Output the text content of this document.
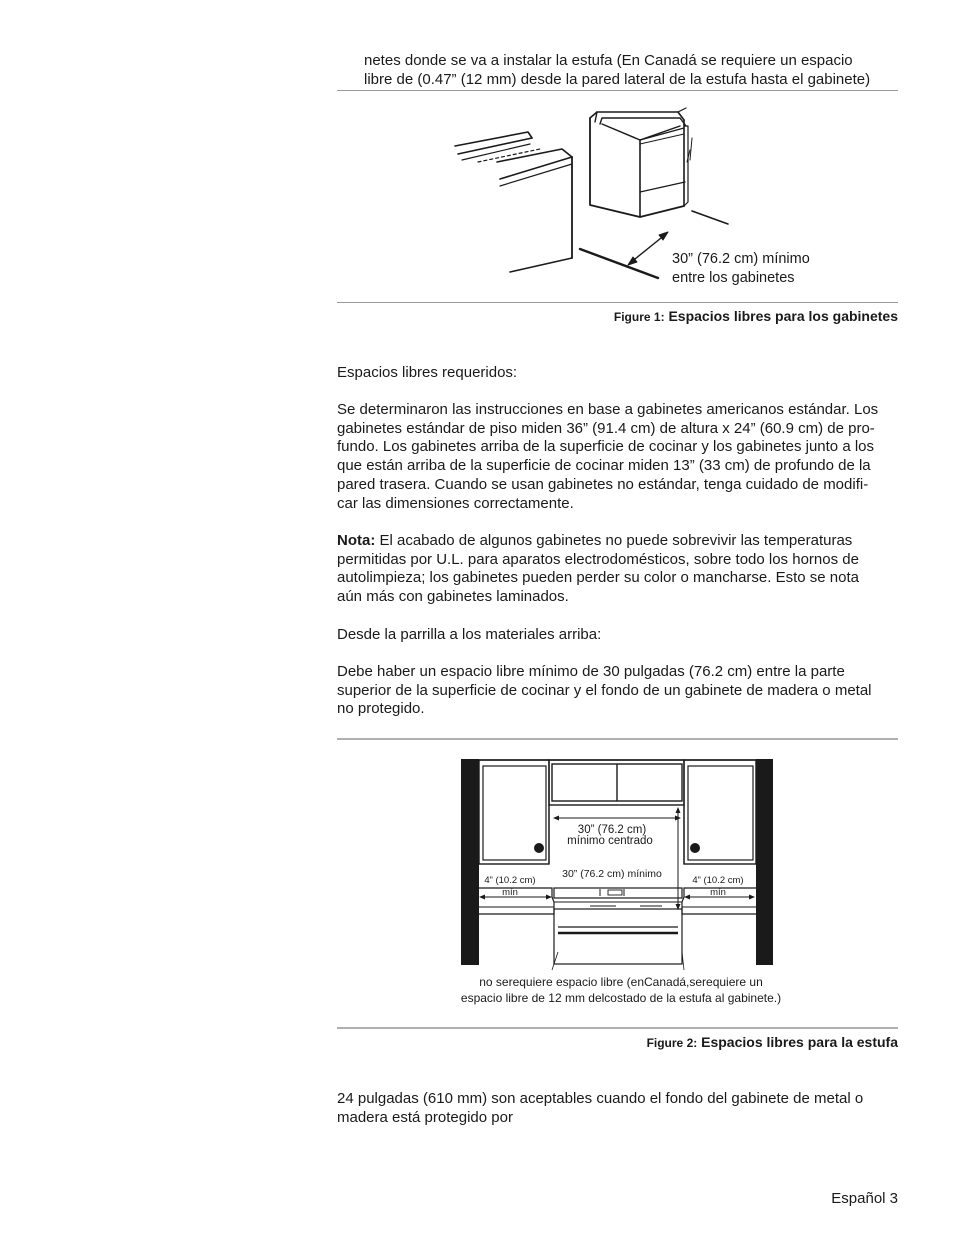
netes donde se va a instalar la estufa (En Canadá se requiere un espacio
libre de (0.47” (12 mm) desde la pared lateral de la estufa hasta el gabinete)
30” (76.2 cm) mínimo
entre los gabinetes
Figure 1: Espacios libres para los gabinetes
Espacios libres requeridos:
Se determinaron las instrucciones en base a gabinetes americanos estándar. Los
gabinetes estándar de piso miden 36” (91.4 cm) de altura x 24” (60.9 cm) de pro-
fundo. Los gabinetes arriba de la superficie de cocinar y los gabinetes junto a los
que están arriba de la superficie de cocinar miden 13” (33 cm) de profundo de la
pared trasera. Cuando se usan gabinetes no estándar, tenga cuidado de modifi-
car las dimensiones correctamente.
Nota: El acabado de algunos gabinetes no puede sobrevivir las temperaturas
permitidas por U.L. para aparatos electrodomésticos, sobre todo los hornos de
autolimpieza; los gabinetes pueden perder su color o mancharse. Esto se nota
aún más con gabinetes laminados.
Desde la parrilla a los materiales arriba:
Debe haber un espacio libre mínimo de 30 pulgadas (76.2 cm) entre la parte
superior de la superficie de cocinar y el fondo de un gabinete de madera o metal
no protegido.
30” (76.2 cm)
mínimo centrado
30” (76.2 cm) mínimo
4” (10.2 cm)
mín
4” (10.2 cm)
mín
no serequiere espacio libre (enCanadá,serequiere un
espacio libre de 12 mm delcostado de la estufa al gabinete.)
Figure 2: Espacios libres para la estufa
24 pulgadas (610 mm) son aceptables cuando el fondo del gabinete de metal o
madera está protegido por
Español 3
